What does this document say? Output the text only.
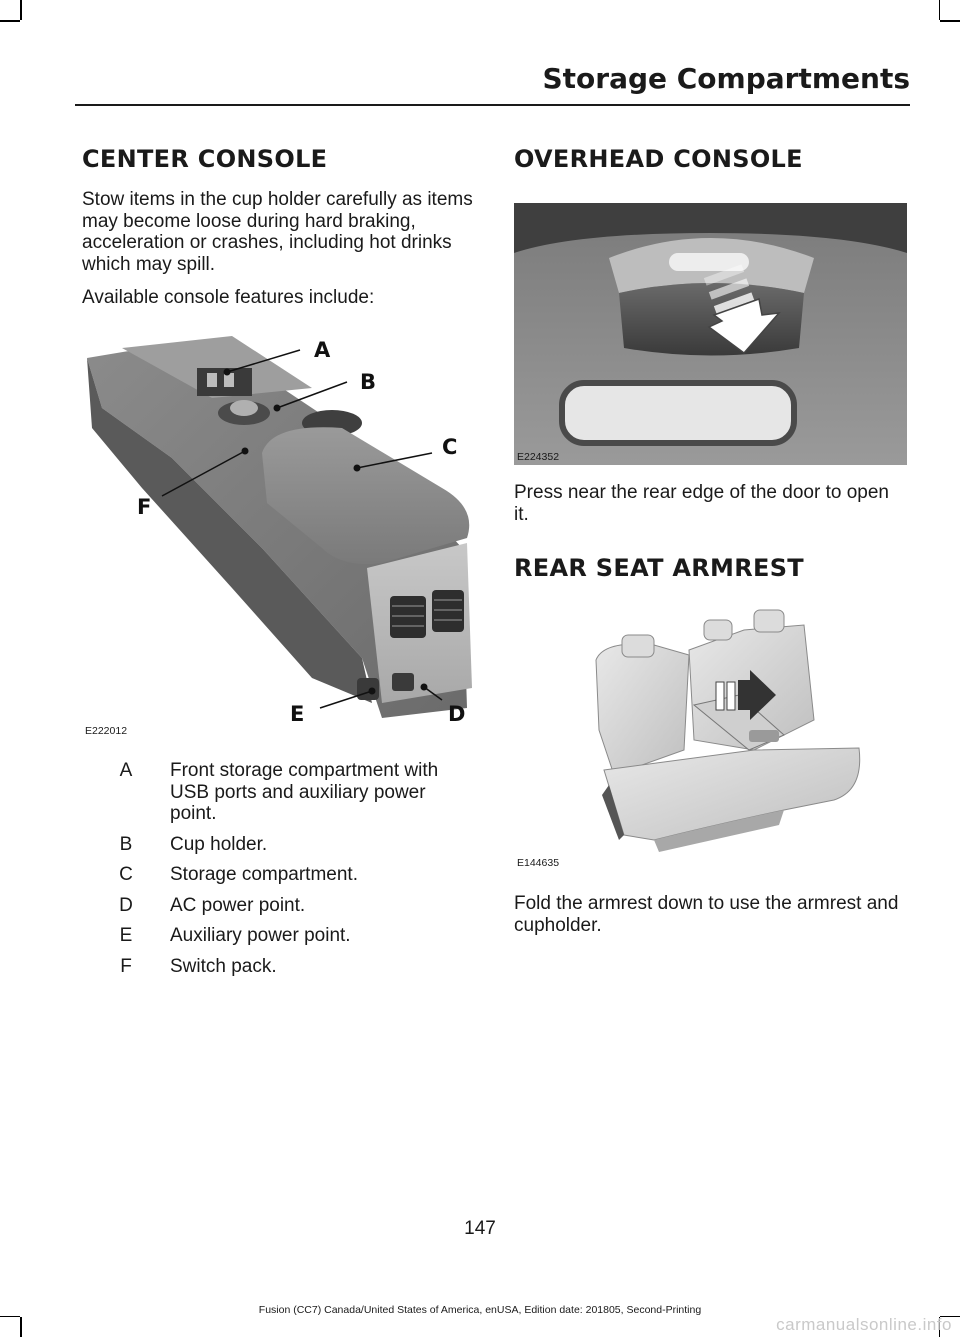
Storage Compartments
CENTER CONSOLE

Stow items in the cup holder carefully as items may become loose during hard braking, acceleration or crashes, including hot drinks which may spill.

Available console features include:

A
B
C
F
E	D
E222012
A	Front storage compartment with USB ports and auxiliary power point.
B	Cup holder.
C	Storage compartment.
D	AC power point.
E	Auxiliary power point.
F	Switch pack.
OVERHEAD CONSOLE
E224352

Press near the rear edge of the door to open it.

REAR SEAT ARMREST
E144635

Fold the armrest down to use the armrest and cupholder.

147
Fusion (CC7) Canada/United States of America, enUSA, Edition date: 201805, Second-Printing
carmanualsonline.info
